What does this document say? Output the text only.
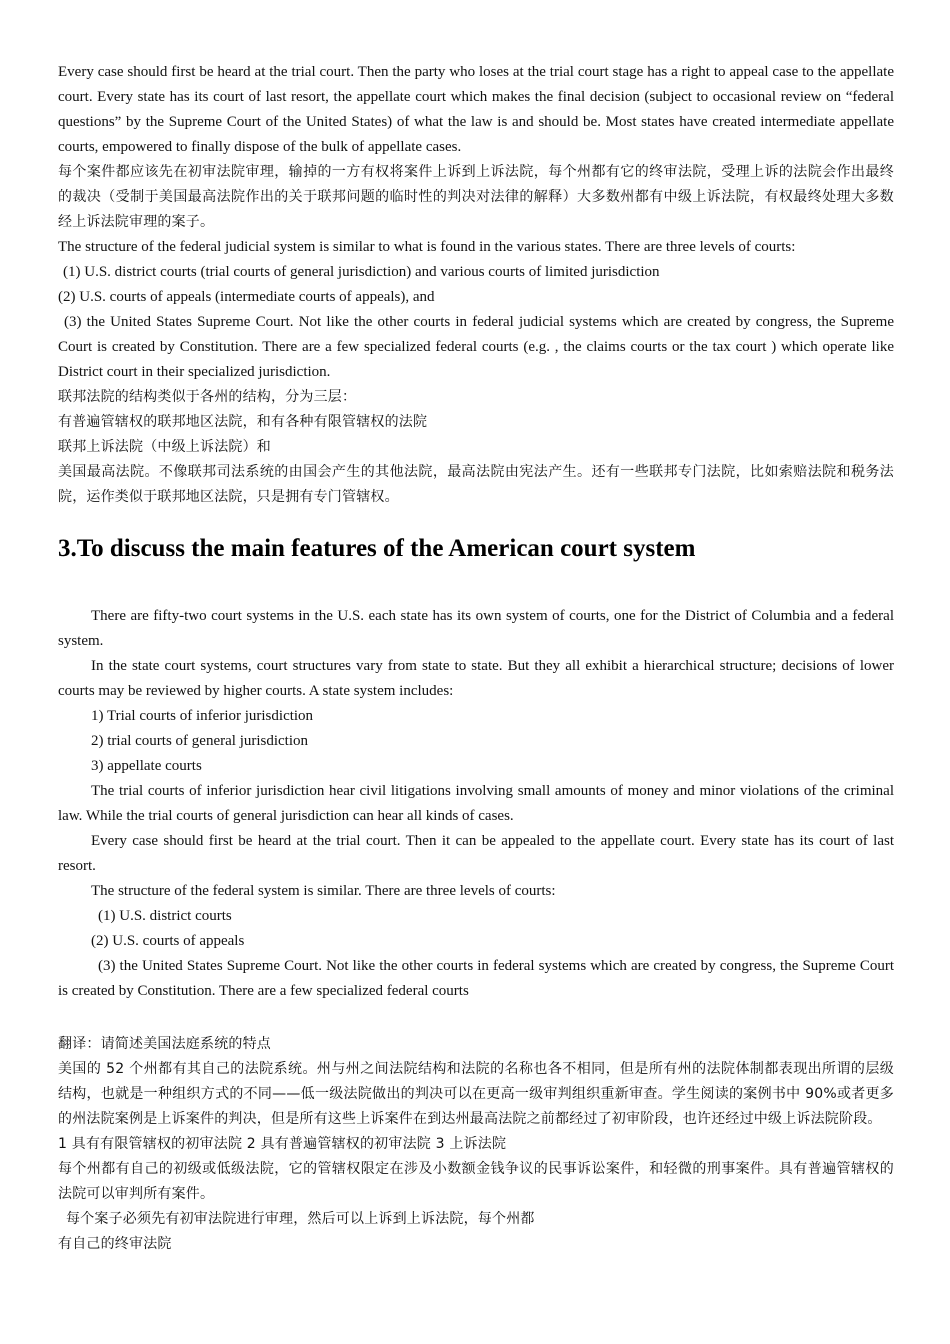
Every case should first be heard at the trial court. Then the party who loses at the trial court stage has a right to appeal case to the appellate court. Every state has its court of last resort, the appellate court which makes the final decision (subject to occasional review on “federal questions” by the Supreme Court of the United States) of what the law is and should be. Most states have created intermediate appellate courts, empowered to finally dispose of the bulk of appellate cases.

每个案件都应该先在初审法院审理，输掉的一方有权将案件上诉到上诉法院，每个州都有它的终审法院，受理上诉的法院会作出最终的裁决（受制于美国最高法院作出的关于联邦问题的临时性的判决对法律的解释）大多数州都有中级上诉法院，有权最终处理大多数经上诉法院审理的案子。

The structure of the federal judicial system is similar to what is found in the various states. There are three levels of courts:

(1) U.S. district courts (trial courts of general jurisdiction) and various courts of limited jurisdiction

(2) U.S. courts of appeals (intermediate courts of appeals), and

(3) the United States Supreme Court. Not like the other courts in federal judicial systems which are created by congress, the Supreme Court is created by Constitution. There are a few specialized federal courts (e.g. , the claims courts or the tax court ) which operate like District court in their specialized jurisdiction.

联邦法院的结构类似于各州的结构，分为三层：

有普遍管辖权的联邦地区法院，和有各种有限管辖权的法院

联邦上诉法院（中级上诉法院）和

美国最高法院。不像联邦司法系统的由国会产生的其他法院，最高法院由宪法产生。还有一些联邦专门法院，比如索赔法院和税务法院，运作类似于联邦地区法院，只是拥有专门管辖权。

3.To discuss the main features of the American court system

There are fifty-two court systems in the U.S. each state has its own system of courts, one for the District of Columbia and a federal system.

In the state court systems, court structures vary from state to state. But they all exhibit a hierarchical structure; decisions of lower courts may be reviewed by higher courts. A state system includes:

1) Trial courts of inferior jurisdiction

2) trial courts of general jurisdiction

3) appellate courts

The trial courts of inferior jurisdiction hear civil litigations involving small amounts of money and minor violations of the criminal law. While the trial courts of general jurisdiction can hear all kinds of cases.

Every case should first be heard at the trial court. Then it can be appealed to the appellate court. Every state has its court of last resort.

The structure of the federal system is similar. There are three levels of courts:

(1) U.S. district courts

(2) U.S. courts of appeals

(3) the United States Supreme Court. Not like the other courts in federal systems which are created by congress, the Supreme Court is created by Constitution. There are a few specialized federal courts

翻译：请简述美国法庭系统的特点

美国的 52 个州都有其自己的法院系统。州与州之间法院结构和法院的名称也各不相同，但是所有州的法院体制都表现出所谓的层级结构，也就是一种组织方式的不同——低一级法院做出的判决可以在更高一级审判组织重新审查。学生阅读的案例书中 90%或者更多的州法院案例是上诉案件的判决，但是所有这些上诉案件在到达州最高法院之前都经过了初审阶段，也许还经过中级上诉法院阶段。

1 具有有限管辖权的初审法院 2 具有普遍管辖权的初审法院 3 上诉法院

每个州都有自己的初级或低级法院，它的管辖权限定在涉及小数额金钱争议的民事诉讼案件，和轻微的刑事案件。具有普遍管辖权的法院可以审判所有案件。

每个案子必须先有初审法院进行审理，然后可以上诉到上诉法院，每个州都

有自己的终审法院
